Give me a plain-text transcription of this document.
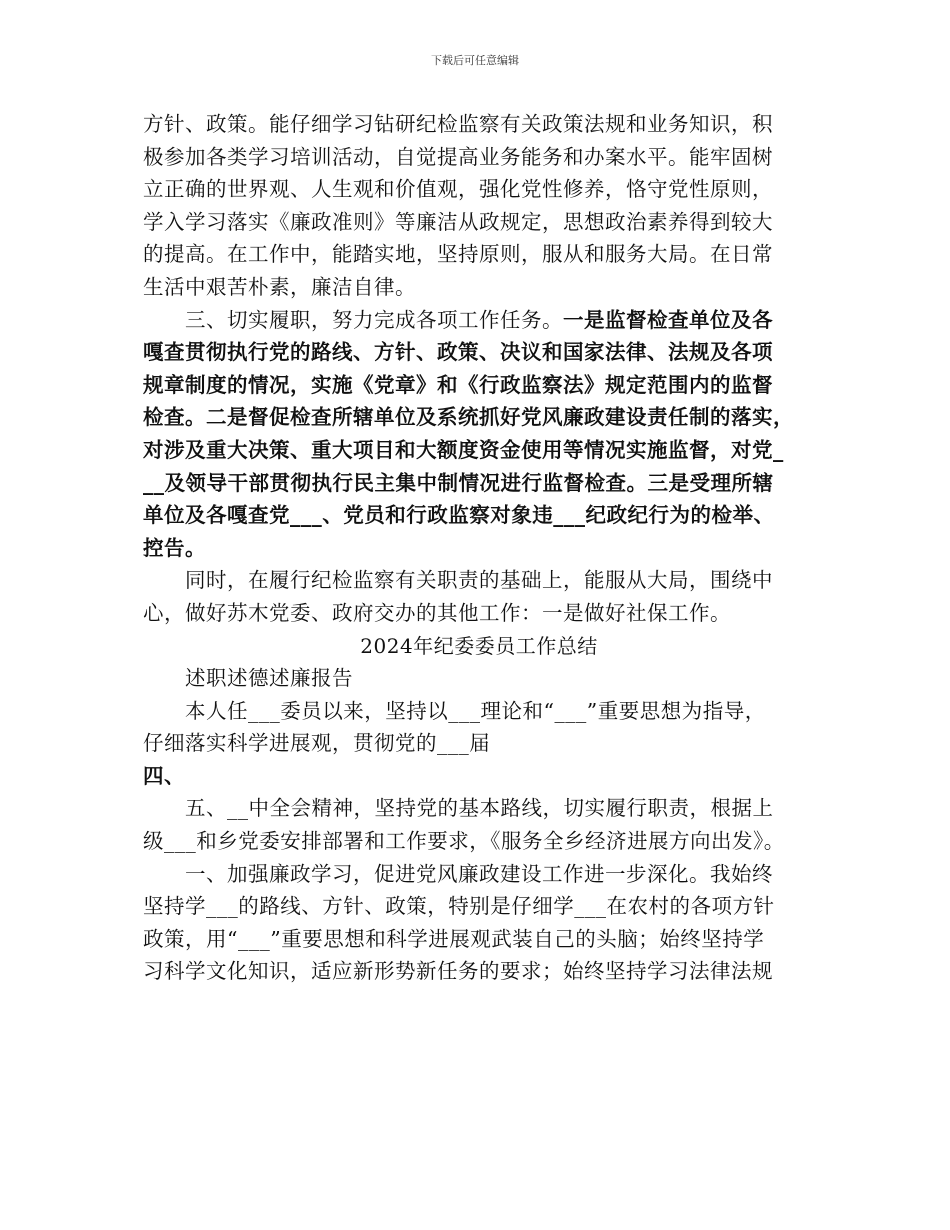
下载后可任意编辑
方针、政策。能仔细学习钻研纪检监察有关政策法规和业务知识，积
极参加各类学习培训活动，自觉提高业务能务和办案水平。能牢固树
立正确的世界观、人生观和价值观，强化党性修养，恪守党性原则，
学入学习落实《廉政准则》等廉洁从政规定，思想政治素养得到较大
的提高。在工作中，能踏实地，坚持原则，服从和服务大局。在日常
生活中艰苦朴素，廉洁自律。
三、切实履职，努力完成各项工作任务。一是监督检查单位及各
嘎查贯彻执行党的路线、方针、政策、决议和国家法律、法规及各项
规章制度的情况，实施《党章》和《行政监察法》规定范围内的监督
检查。二是督促检查所辖单位及系统抓好党风廉政建设责任制的落实，
对涉及重大决策、重大项目和大额度资金使用等情况实施监督，对党_
__及领导干部贯彻执行民主集中制情况进行监督检查。三是受理所辖
单位及各嘎查党___、党员和行政监察对象违___纪政纪行为的检举、
控告。
同时，在履行纪检监察有关职责的基础上，能服从大局，围绕中
心，做好苏木党委、政府交办的其他工作：一是做好社保工作。
2024年纪委委员工作总结
述职述德述廉报告
本人任___委员以来，坚持以___理论和“___”重要思想为指导，
仔细落实科学进展观，贯彻党的___届
四、
五、__中全会精神，坚持党的基本路线，切实履行职责，根据上
级___和乡党委安排部署和工作要求，《服务全乡经济进展方向出发》。
一、加强廉政学习，促进党风廉政建设工作进一步深化。我始终
坚持学___的路线、方针、政策，特别是仔细学___在农村的各项方针
政策，用“___”重要思想和科学进展观武装自己的头脑；始终坚持学
习科学文化知识，适应新形势新任务的要求；始终坚持学习法律法规
